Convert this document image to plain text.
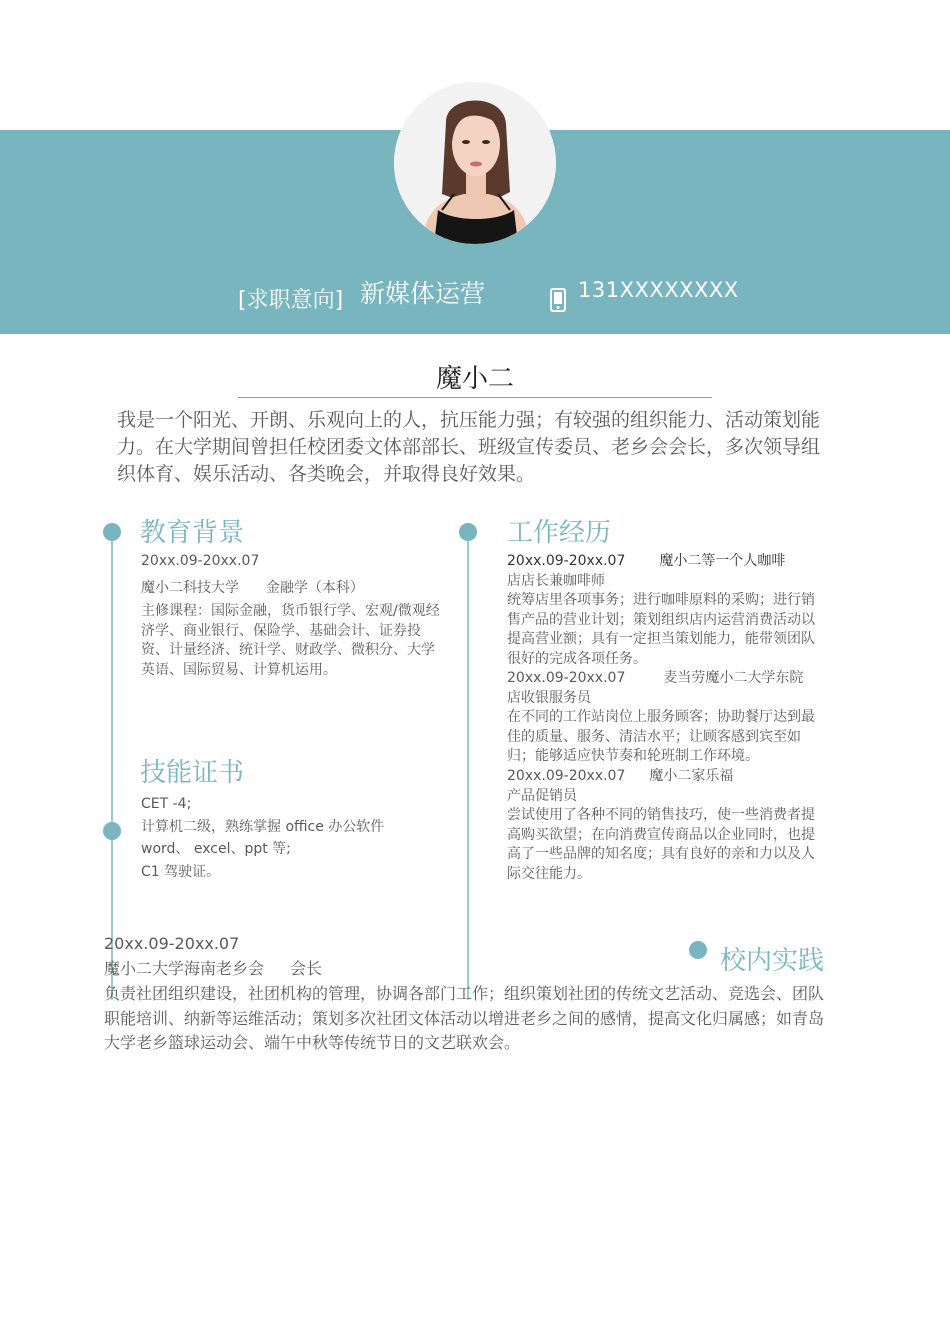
[求职意向] 新媒体运营	131XXXXXXXX
魔小二
我是一个阳光、开朗、乐观向上的人，抗压能力强；有较强的组织能力、活动策划能力。在大学期间曾担任校团委文体部部长、班级宣传委员、老乡会会长，多次领导组织体育、娱乐活动、各类晚会，并取得良好效果。
教育背景
20xx.09-20xx.07
魔小二科技大学 金融学（本科）
主修课程：国际金融，货币银行学、宏观/微观经济学、商业银行、保险学、基础会计、证券投资、计量经济、统计学、财政学、微积分、大学英语、国际贸易、计算机运用。
技能证书
CET -4;
计算机二级，熟练掌握 office 办公软件
word、 excel、ppt 等;
C1 驾驶证。
工作经历
20xx.09-20xx.07 魔小二等一个人咖啡
店店长兼咖啡师
统筹店里各项事务；进行咖啡原料的采购；进行销售产品的营业计划；策划组织店内运营消费活动以提高营业额；具有一定担当策划能力，能带领团队很好的完成各项任务。
20xx.09-20xx.07	麦当劳魔小二大学东院
店收银服务员
在不同的工作站岗位上服务顾客；协助餐厅达到最佳的质量、服务、清洁水平；让顾客感到宾至如归；能够适应快节奏和轮班制工作环境。
20xx.09-20xx.07 魔小二家乐福
产品促销员
尝试使用了各种不同的销售技巧，使一些消费者提高购买欲望；在向消费宣传商品以企业同时，也提高了一些品牌的知名度；具有良好的亲和力以及人际交往能力。
校内实践
20xx.09-20xx.07
魔小二大学海南老乡会 会长
负责社团组织建设，社团机构的管理，协调各部门工作；组织策划社团的传统文艺活动、竞选会、团队职能培训、纳新等运维活动；策划多次社团文体活动以增进老乡之间的感情，提高文化归属感；如青岛大学老乡篮球运动会、端午中秋等传统节日的文艺联欢会。
